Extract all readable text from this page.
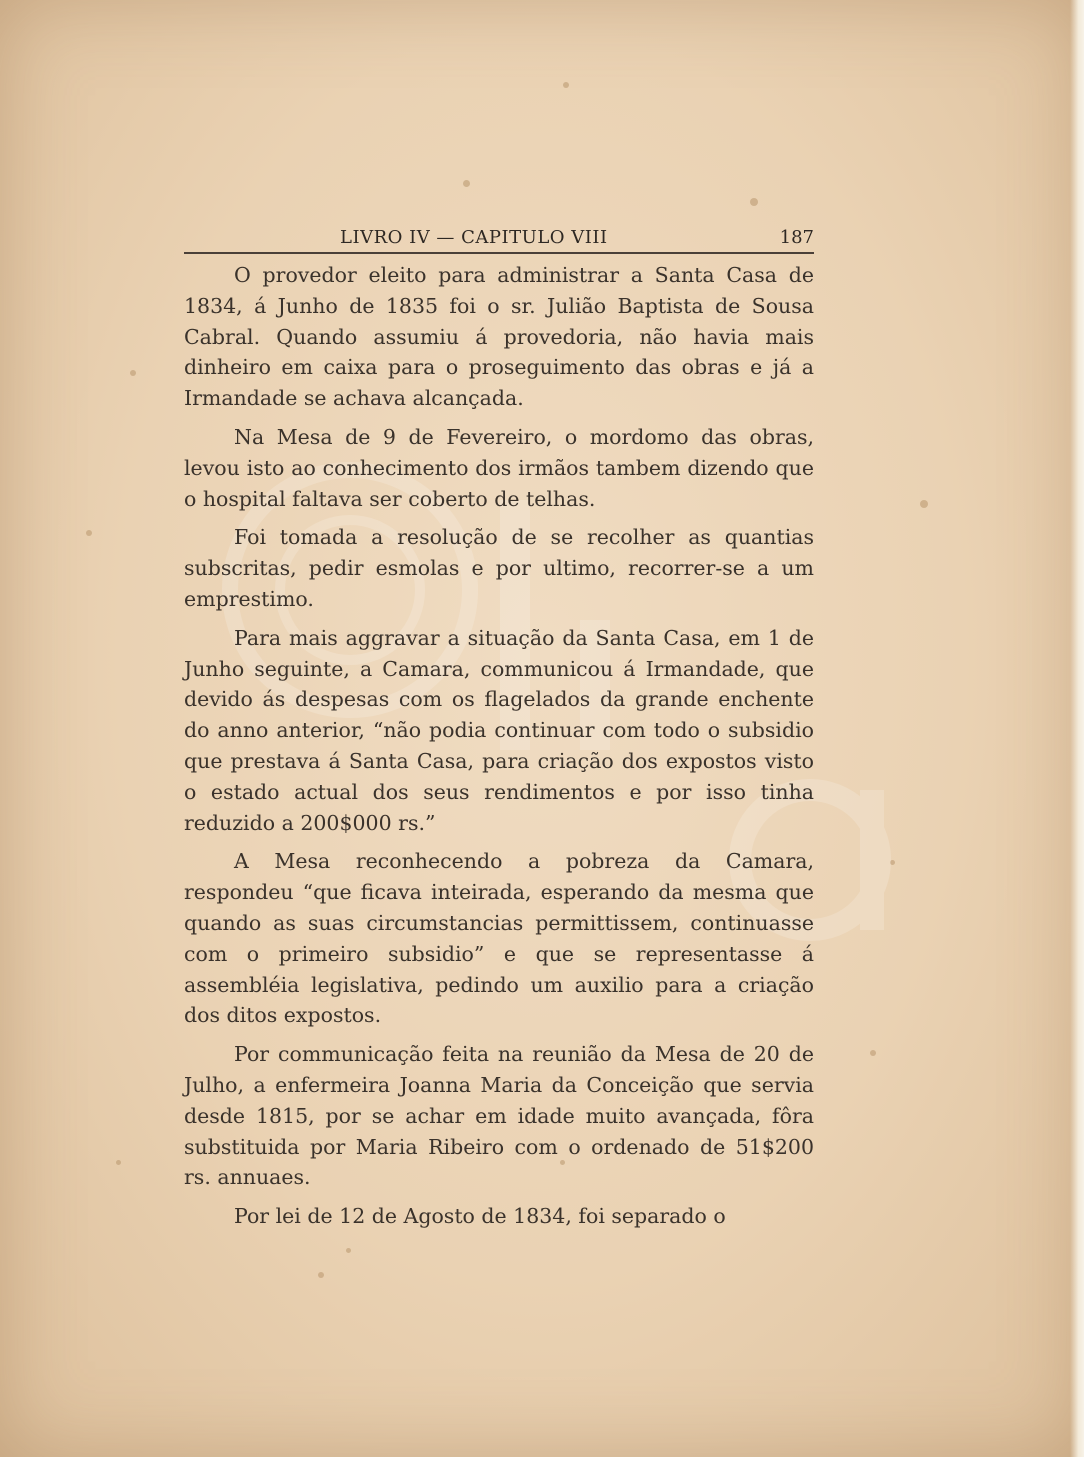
LIVRO IV — CAPITULO VIII	187

O provedor eleito para administrar a Santa Casa de 1834, á Junho de 1835 foi o sr. Julião Baptista de Sousa Cabral. Quando assumiu á provedoria, não havia mais dinheiro em caixa para o proseguimento das obras e já a Irmandade se achava alcançada.

Na Mesa de 9 de Fevereiro, o mordomo das obras, levou isto ao conhecimento dos irmãos tambem dizendo que o hospital faltava ser coberto de telhas.

Foi tomada a resolução de se recolher as quantias subscritas, pedir esmolas e por ultimo, recorrer-se a um emprestimo.

Para mais aggravar a situação da Santa Casa, em 1 de Junho seguinte, a Camara, communicou á Irmandade, que devido ás despesas com os flagelados da grande enchente do anno anterior, “não podia continuar com todo o subsidio que prestava á Santa Casa, para criação dos expostos visto o estado actual dos seus rendimentos e por isso tinha reduzido a 200$000 rs.”

A Mesa reconhecendo a pobreza da Camara, respondeu “que ficava inteirada, esperando da mesma que quando as suas circumstancias permittissem, continuasse com o primeiro subsidio” e que se representasse á assembléia legislativa, pedindo um auxilio para a criação dos ditos expostos.

Por communicação feita na reunião da Mesa de 20 de Julho, a enfermeira Joanna Maria da Conceição que servia desde 1815, por se achar em idade muito avançada, fôra substituida por Maria Ribeiro com o ordenado de 51$200 rs. annuaes.

Por lei de 12 de Agosto de 1834, foi separado o
